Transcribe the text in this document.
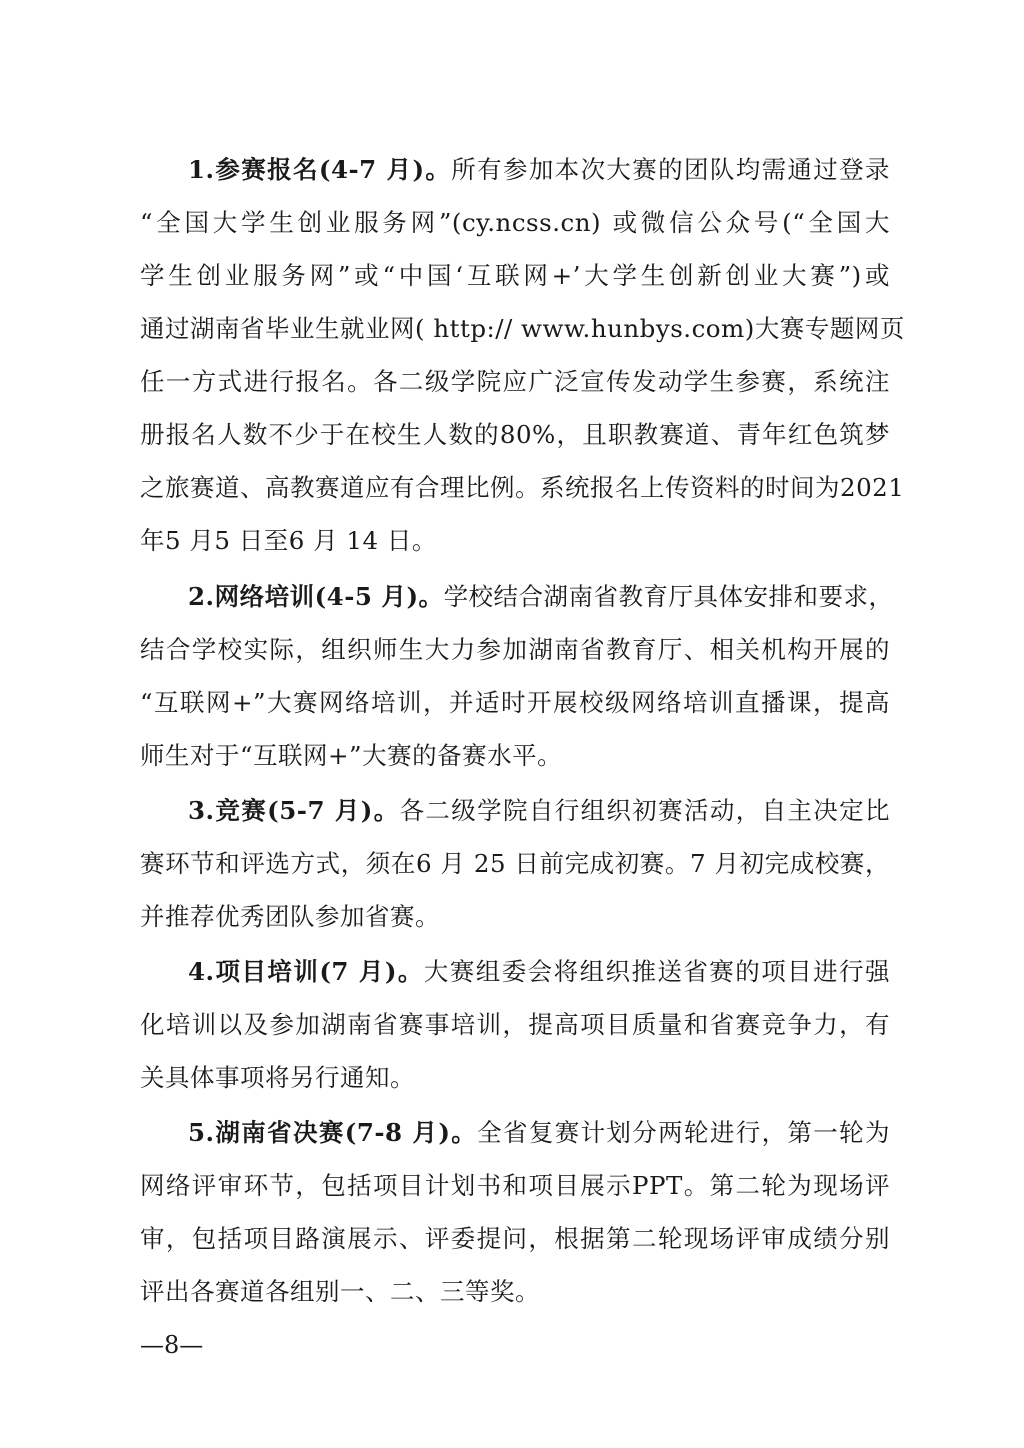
1.参赛报名(4-7 月)。所有参加本次大赛的团队均需通过登录
“全国大学生创业服务网”(cy.ncss.cn) 或微信公众号(“全国大
学生创业服务网”或“中国‘互联网+’大学生创新创业大赛”)或
通过湖南省毕业生就业网( http:// www.hunbys.com)大赛专题网页
任一方式进行报名。各二级学院应广泛宣传发动学生参赛，系统注
册报名人数不少于在校生人数的80%，且职教赛道、青年红色筑梦
之旅赛道、高教赛道应有合理比例。系统报名上传资料的时间为2021
年5 月5 日至6 月 14 日。
2.网络培训(4-5 月)。学校结合湖南省教育厅具体安排和要求，
结合学校实际，组织师生大力参加湖南省教育厅、相关机构开展的
“互联网+”大赛网络培训，并适时开展校级网络培训直播课，提高
师生对于“互联网+”大赛的备赛水平。
3.竞赛(5-7 月)。各二级学院自行组织初赛活动，自主决定比
赛环节和评选方式，须在6 月 25 日前完成初赛。7 月初完成校赛，
并推荐优秀团队参加省赛。
4.项目培训(7 月)。大赛组委会将组织推送省赛的项目进行强
化培训以及参加湖南省赛事培训，提高项目质量和省赛竞争力，有
关具体事项将另行通知。
5.湖南省决赛(7-8 月)。全省复赛计划分两轮进行，第一轮为
网络评审环节，包括项目计划书和项目展示PPT。第二轮为现场评
审，包括项目路演展示、评委提问，根据第二轮现场评审成绩分别
评出各赛道各组别一、二、三等奖。
—8—
